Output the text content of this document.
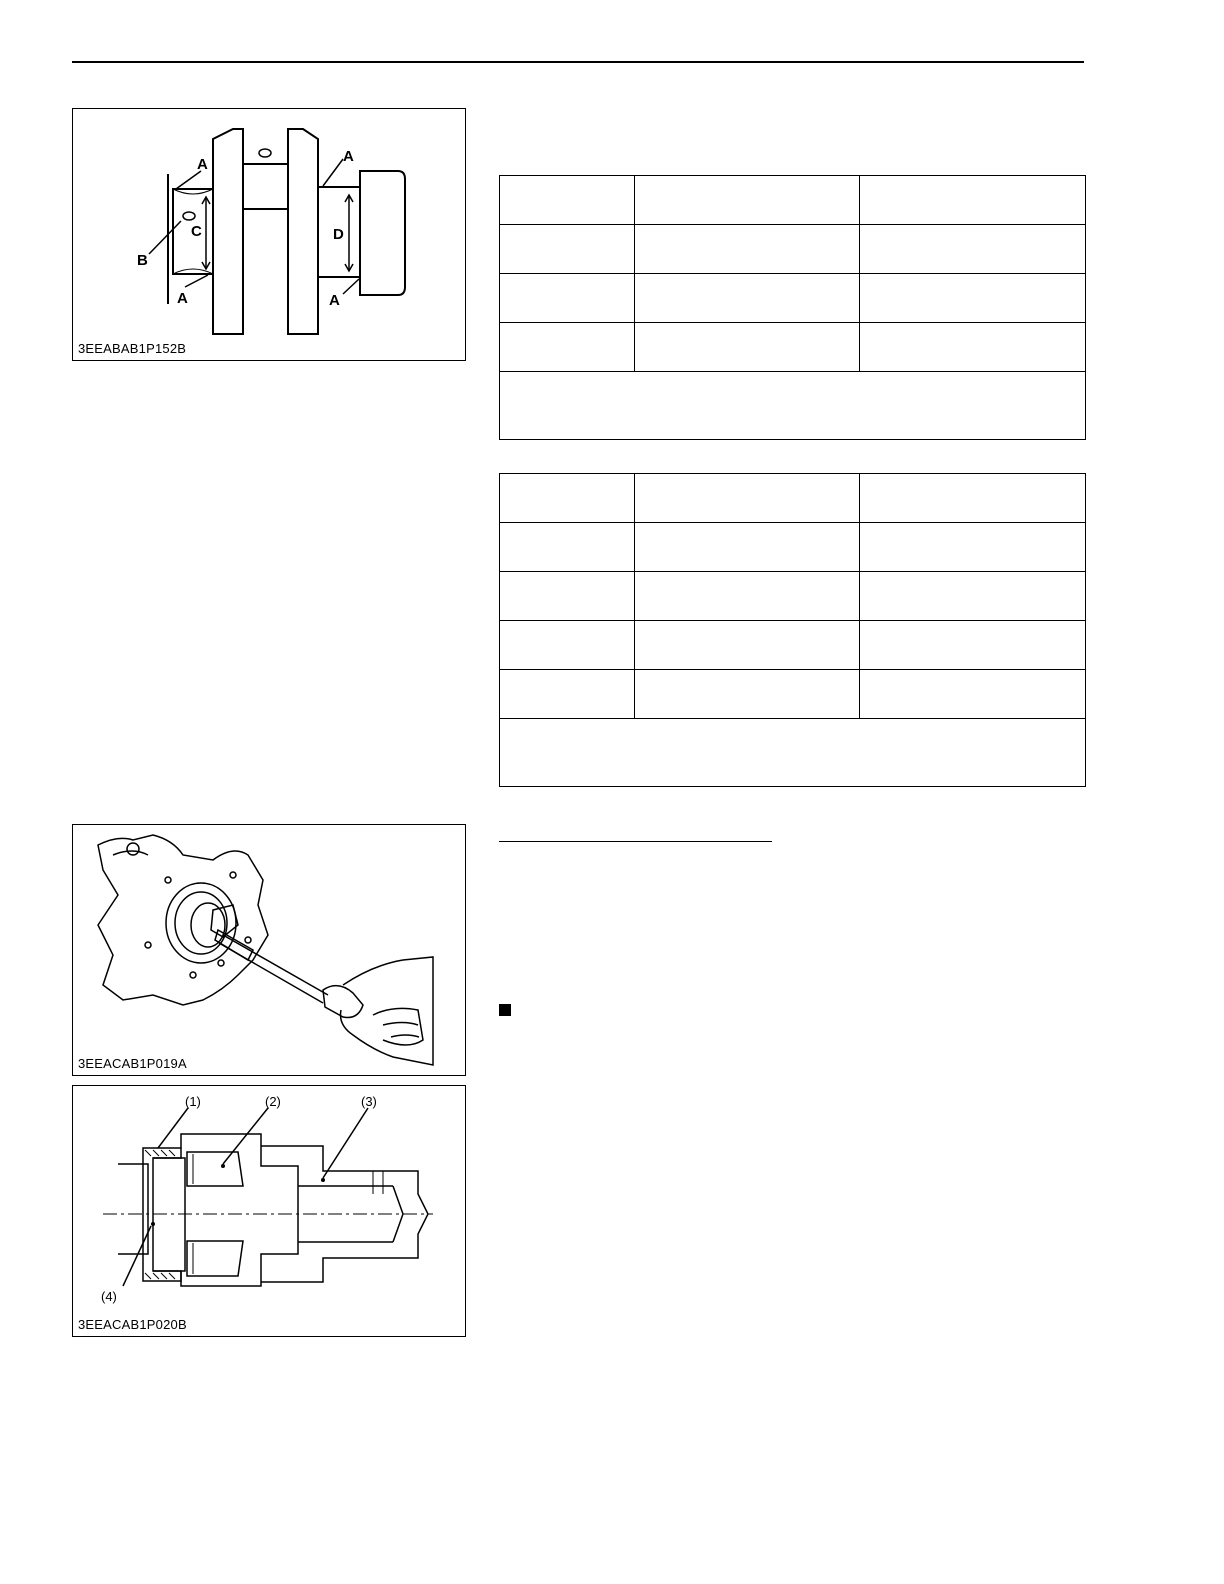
A	A
A	A
B
C	D
3EEABAB1P152B

3EEACAB1P019A
(1)	(2)	(3)
(4)
3EEACAB1P020B
